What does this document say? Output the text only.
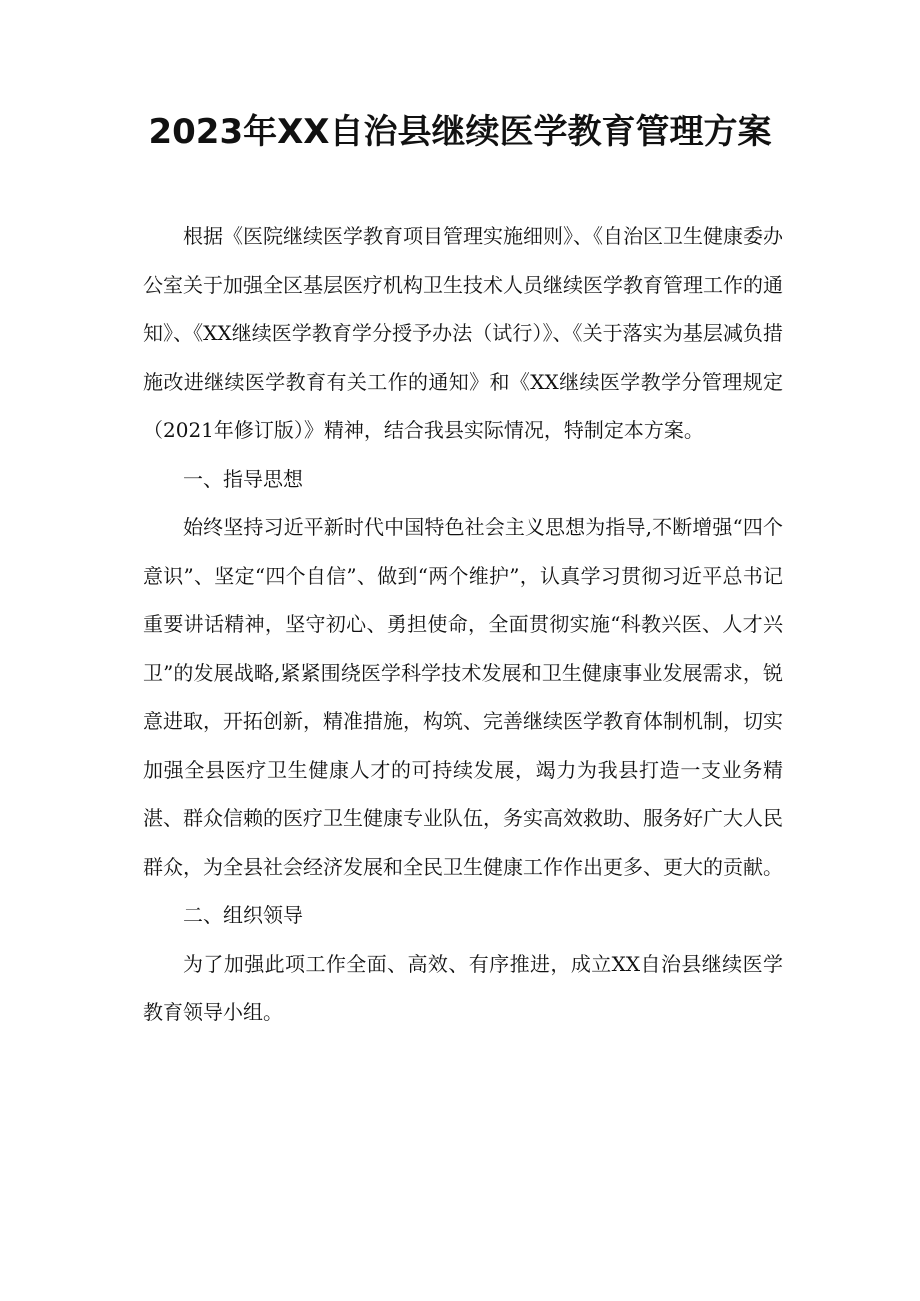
2023年XX自治县继续医学教育管理方案

根据《医院继续医学教育项目管理实施细则》、《自治区卫生健康委办公室关于加强全区基层医疗机构卫生技术人员继续医学教育管理工作的通知》、《XX继续医学教育学分授予办法（试行）》、《关于落实为基层减负措施改进继续医学教育有关工作的通知》和《XX继续医学教学分管理规定（2021年修订版）》精神，结合我县实际情况，特制定本方案。

一、指导思想

始终坚持习近平新时代中国特色社会主义思想为指导,不断增强“四个意识”、坚定“四个自信”、做到“两个维护”，认真学习贯彻习近平总书记重要讲话精神，坚守初心、勇担使命，全面贯彻实施“科教兴医、人才兴卫”的发展战略,紧紧围绕医学科学技术发展和卫生健康事业发展需求，锐意进取，开拓创新，精准措施，构筑、完善继续医学教育体制机制，切实加强全县医疗卫生健康人才的可持续发展，竭力为我县打造一支业务精湛、群众信赖的医疗卫生健康专业队伍，务实高效救助、服务好广大人民群众，为全县社会经济发展和全民卫生健康工作作出更多、更大的贡献。

二、组织领导

为了加强此项工作全面、高效、有序推进，成立XX自治县继续医学教育领导小组。
